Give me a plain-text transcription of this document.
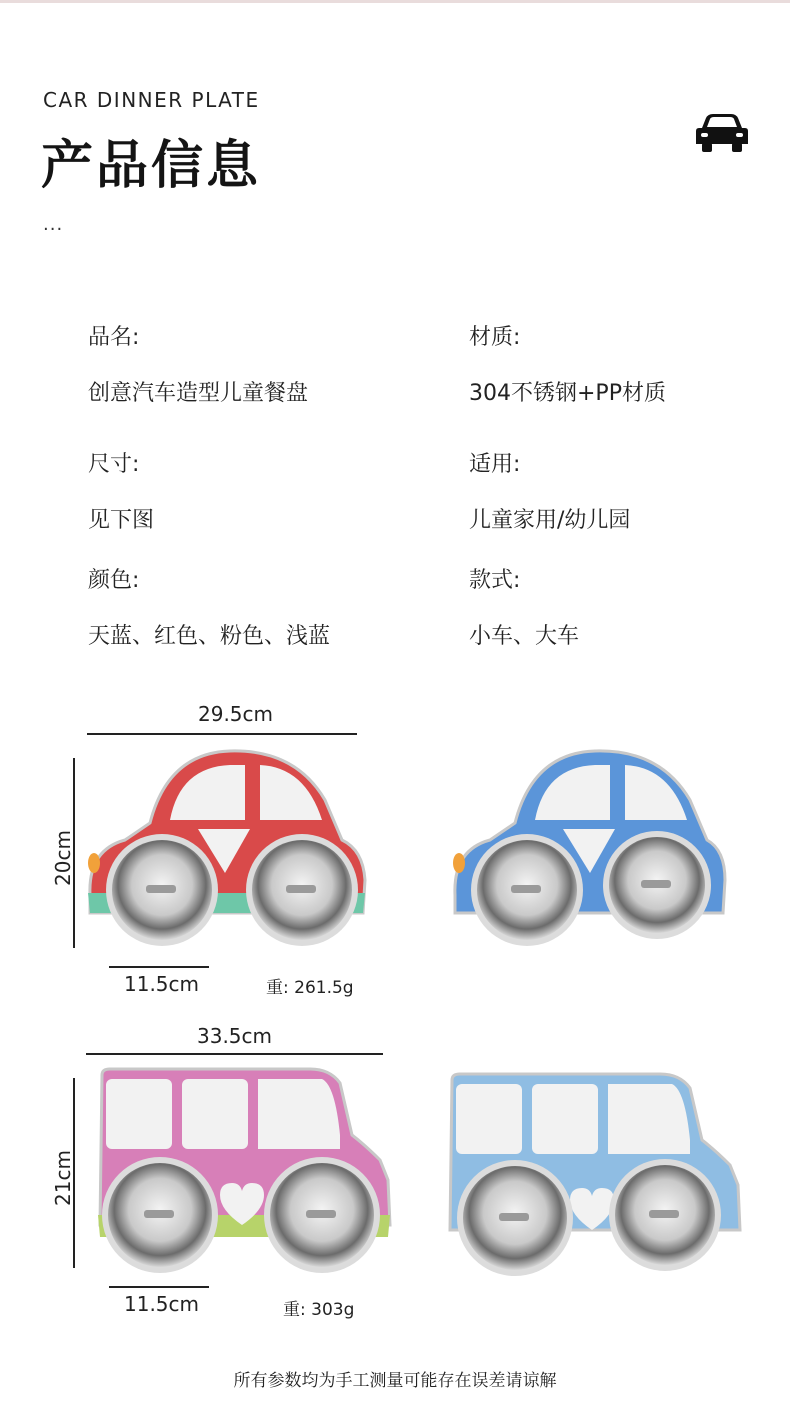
CAR DINNER PLATE
产品信息
...
品名:
创意汽车造型儿童餐盘
材质:
304不锈钢+PP材质
尺寸:
见下图
适用:
儿童家用/幼儿园
颜色:
天蓝、红色、粉色、浅蓝
款式:
小车、大车
29.5cm
20cm
11.5cm	重: 261.5g
33.5cm
21cm
11.5cm	重: 303g
所有参数均为手工测量可能存在误差请谅解
